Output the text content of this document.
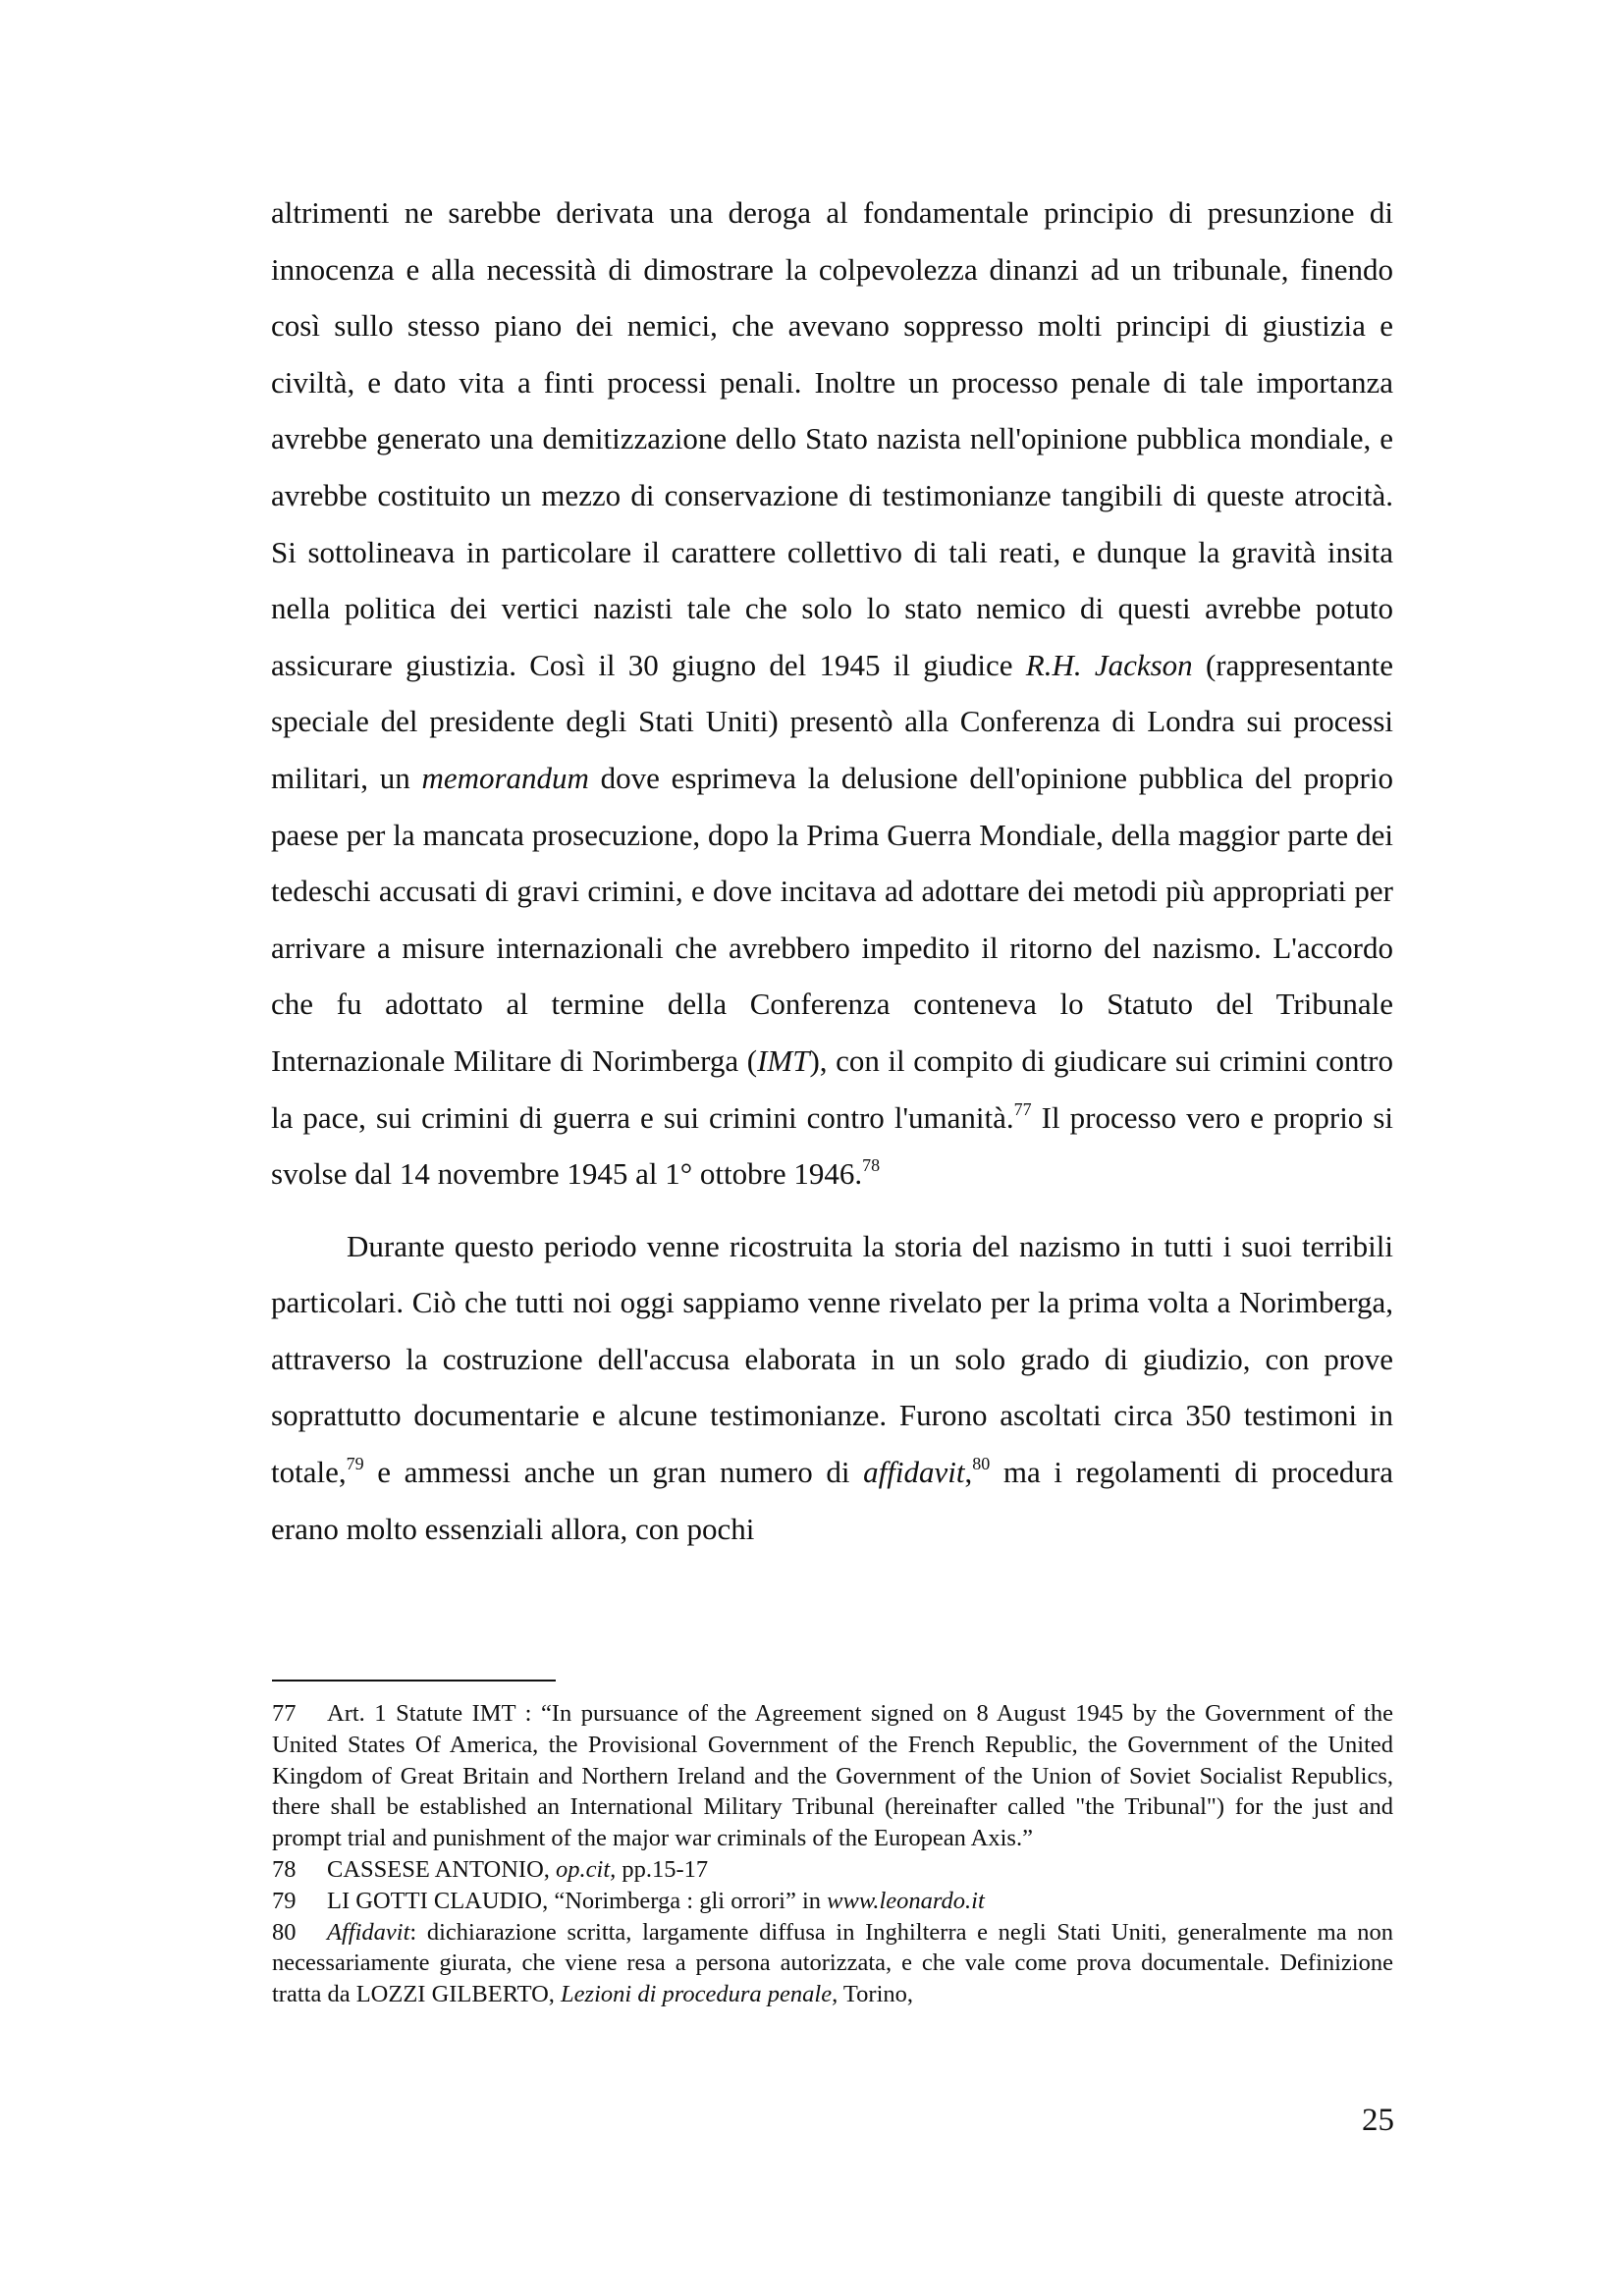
altrimenti ne sarebbe derivata una deroga al fondamentale principio di presunzione di innocenza e alla necessità di dimostrare la colpevolezza dinanzi ad un tribunale, finendo così sullo stesso piano dei nemici, che avevano soppresso molti principi di giustizia e civiltà, e dato vita a finti processi penali. Inoltre un processo penale di tale importanza avrebbe generato una demitizzazione dello Stato nazista nell'opinione pubblica mondiale, e avrebbe costituito un mezzo di conservazione di testimonianze tangibili di queste atrocità. Si sottolineava in particolare il carattere collettivo di tali reati, e dunque la gravità insita nella politica dei vertici nazisti tale che solo lo stato nemico di questi avrebbe potuto assicurare giustizia. Così il 30 giugno del 1945 il giudice R.H. Jackson (rappresentante speciale del presidente degli Stati Uniti) presentò alla Conferenza di Londra sui processi militari, un memorandum dove esprimeva la delusione dell'opinione pubblica del proprio paese per la mancata prosecuzione, dopo la Prima Guerra Mondiale, della maggior parte dei tedeschi accusati di gravi crimini, e dove incitava ad adottare dei metodi più appropriati per arrivare a misure internazionali che avrebbero impedito il ritorno del nazismo. L'accordo che fu adottato al termine della Conferenza conteneva lo Statuto del Tribunale Internazionale Militare di Norimberga (IMT), con il compito di giudicare sui crimini contro la pace, sui crimini di guerra e sui crimini contro l'umanità.$^{77}$ Il processo vero e proprio si svolse dal 14 novembre 1945 al 1° ottobre 1946.78

Durante questo periodo venne ricostruita la storia del nazismo in tutti i suoi terribili particolari. Ciò che tutti noi oggi sappiamo venne rivelato per la prima volta a Norimberga, attraverso la costruzione dell'accusa elaborata in un solo grado di giudizio, con prove soprattutto documentarie e alcune testimonianze. Furono ascoltati circa 350 testimoni in totale,$^{79}$ e ammessi anche un gran numero di affidavit,$^{80}$ ma i regolamenti di procedura erano molto essenziali allora, con pochi

77 Art. 1 Statute IMT : “In pursuance of the Agreement signed on 8 August 1945 by the Government of the United States Of America, the Provisional Government of the French Republic, the Government of the United Kingdom of Great Britain and Northern Ireland and the Government of the Union of Soviet Socialist Republics, there shall be established an International Military Tribunal (hereinafter called "the Tribunal") for the just and prompt trial and punishment of the major war criminals of the European Axis.”

78 CASSESE ANTONIO, op.cit, pp.15-17

79 LI GOTTI CLAUDIO, “Norimberga : gli orrori” in www.leonardo.it

80 Affidavit: dichiarazione scritta, largamente diffusa in Inghilterra e negli Stati Uniti, generalmente ma non necessariamente giurata, che viene resa a persona autorizzata, e che vale come prova documentale. Definizione tratta da LOZZI GILBERTO, Lezioni di procedura penale, Torino,

25
